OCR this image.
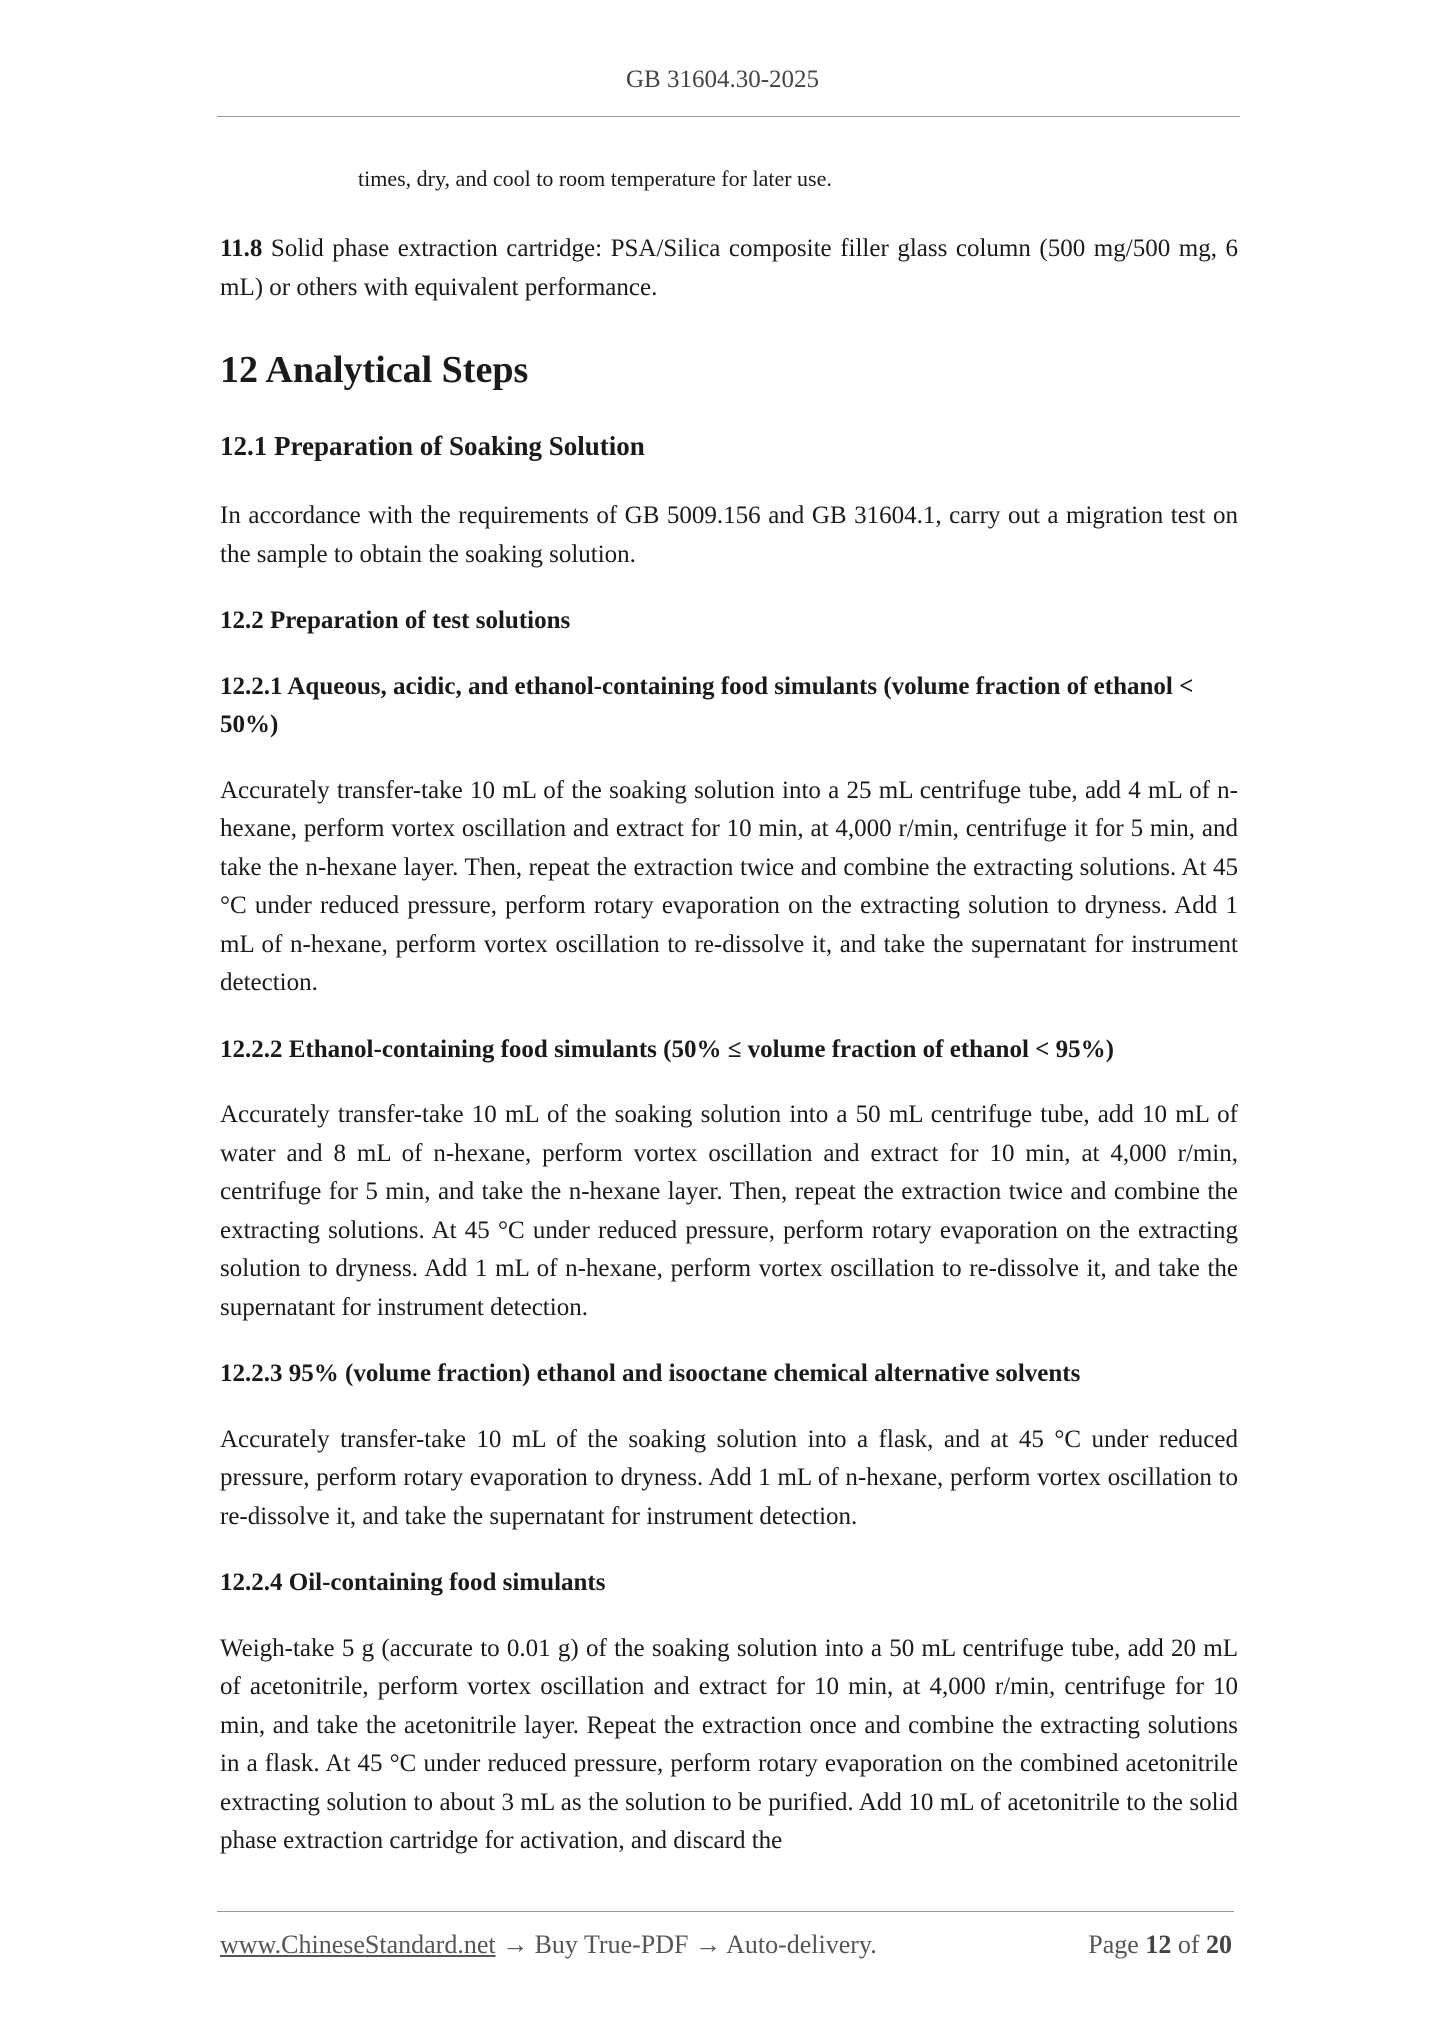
GB 31604.30-2025

times, dry, and cool to room temperature for later use.

11.8 Solid phase extraction cartridge: PSA/Silica composite filler glass column (500 mg/500 mg, 6 mL) or others with equivalent performance.

12 Analytical Steps
12.1 Preparation of Soaking Solution

In accordance with the requirements of GB 5009.156 and GB 31604.1, carry out a migration test on the sample to obtain the soaking solution.

12.2 Preparation of test solutions
12.2.1 Aqueous, acidic, and ethanol-containing food simulants (volume fraction of ethanol < 50%)

Accurately transfer-take 10 mL of the soaking solution into a 25 mL centrifuge tube, add 4 mL of n-hexane, perform vortex oscillation and extract for 10 min, at 4,000 r/min, centrifuge it for 5 min, and take the n-hexane layer. Then, repeat the extraction twice and combine the extracting solutions. At 45 °C under reduced pressure, perform rotary evaporation on the extracting solution to dryness. Add 1 mL of n-hexane, perform vortex oscillation to re-dissolve it, and take the supernatant for instrument detection.

12.2.2 Ethanol-containing food simulants (50% ≤ volume fraction of ethanol < 95%)

Accurately transfer-take 10 mL of the soaking solution into a 50 mL centrifuge tube, add 10 mL of water and 8 mL of n-hexane, perform vortex oscillation and extract for 10 min, at 4,000 r/min, centrifuge for 5 min, and take the n-hexane layer. Then, repeat the extraction twice and combine the extracting solutions. At 45 °C under reduced pressure, perform rotary evaporation on the extracting solution to dryness. Add 1 mL of n-hexane, perform vortex oscillation to re-dissolve it, and take the supernatant for instrument detection.

12.2.3 95% (volume fraction) ethanol and isooctane chemical alternative solvents

Accurately transfer-take 10 mL of the soaking solution into a flask, and at 45 °C under reduced pressure, perform rotary evaporation to dryness. Add 1 mL of n-hexane, perform vortex oscillation to re-dissolve it, and take the supernatant for instrument detection.

12.2.4 Oil-containing food simulants

Weigh-take 5 g (accurate to 0.01 g) of the soaking solution into a 50 mL centrifuge tube, add 20 mL of acetonitrile, perform vortex oscillation and extract for 10 min, at 4,000 r/min, centrifuge for 10 min, and take the acetonitrile layer. Repeat the extraction once and combine the extracting solutions in a flask. At 45 °C under reduced pressure, perform rotary evaporation on the combined acetonitrile extracting solution to about 3 mL as the solution to be purified. Add 10 mL of acetonitrile to the solid phase extraction cartridge for activation, and discard the

www.ChineseStandard.net → Buy True-PDF → Auto-delivery.	Page 12 of 20
